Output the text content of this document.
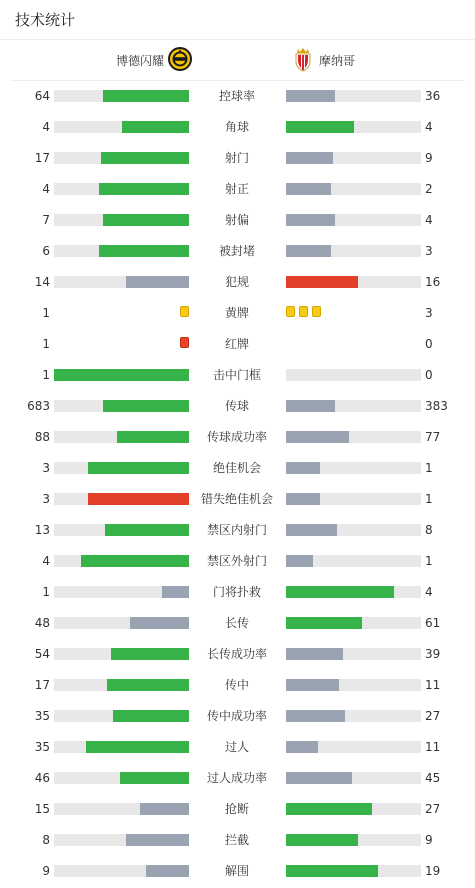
技术统计
博德闪耀	摩纳哥
64	控球率	36
4	角球	4
17	射门	9
4	射正	2
7	射偏	4
6	被封堵	3
14	犯规	16
1	黄牌	3
1	红牌	0
1	击中门框	0
683	传球	383
88	传球成功率	77
3	绝佳机会	1
3	错失绝佳机会	1
13	禁区内射门	8
4	禁区外射门	1
1	门将扑救	4
48	长传	61
54	长传成功率	39
17	传中	11
35	传中成功率	27
35	过人	11
46	过人成功率	45
15	抢断	27
8	拦截	9
9	解围	19
